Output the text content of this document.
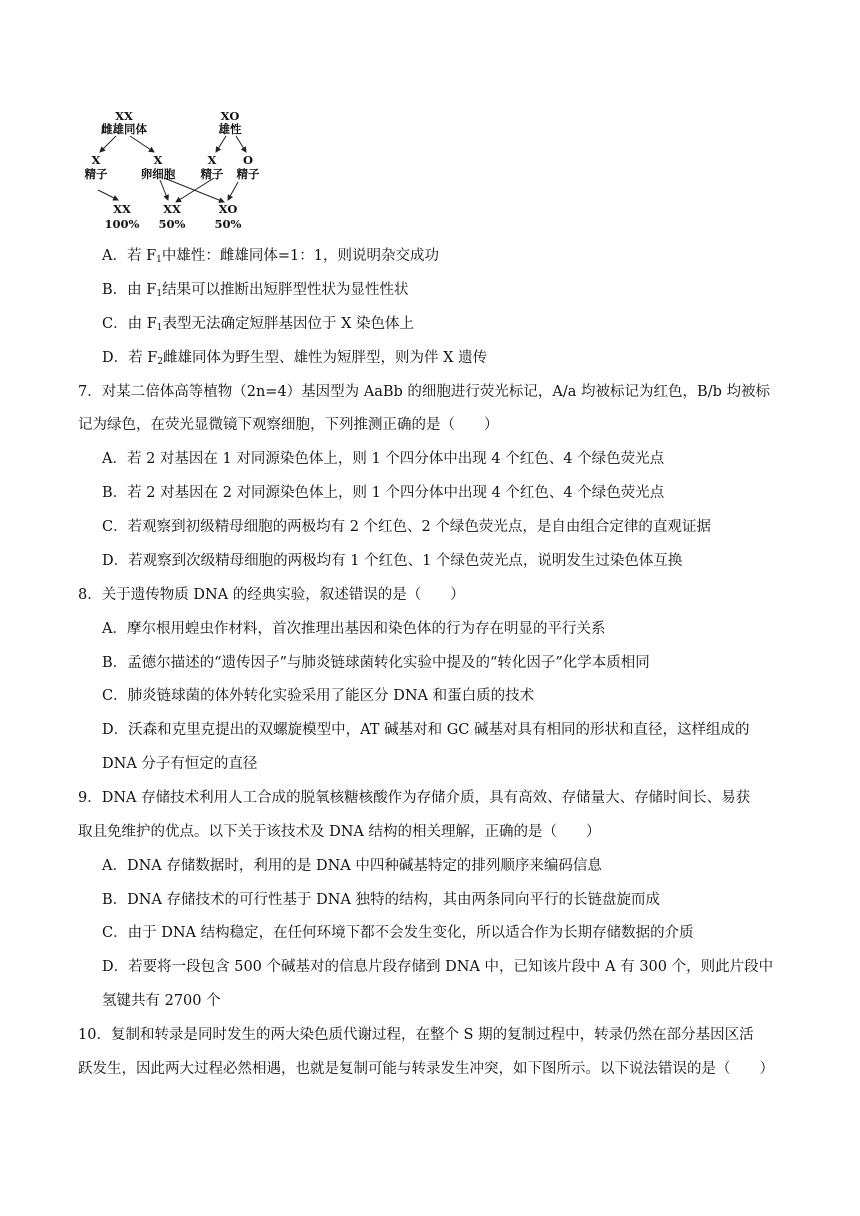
XX
雌雄同体
XO
雄性
X
精子
X
卵细胞
X
精子
O
精子
XX
100%
XX
50%
XO
50%
A．若 $F_1$中雄性：雌雄同体=1：1，则说明杂交成功
B．由 $F_1$结果可以推断出短胖型性状为显性性状
C．由 $F_1$表型无法确定短胖基因位于 X 染色体上
D．若 $F_2$雌雄同体为野生型、雄性为短胖型，则为伴 X 遗传
7．对某二倍体高等植物（2n=4）基因型为 AaBb 的细胞进行荧光标记，A/a 均被标记为红色，B/b 均被标
记为绿色，在荧光显微镜下观察细胞，下列推测正确的是（　　）
A．若 2 对基因在 1 对同源染色体上，则 1 个四分体中出现 4 个红色、4 个绿色荧光点
B．若 2 对基因在 2 对同源染色体上，则 1 个四分体中出现 4 个红色、4 个绿色荧光点
C．若观察到初级精母细胞的两极均有 2 个红色、2 个绿色荧光点，是自由组合定律的直观证据
D．若观察到次级精母细胞的两极均有 1 个红色、1 个绿色荧光点，说明发生过染色体互换
8．关于遗传物质 DNA 的经典实验，叙述错误的是（　　）
A．摩尔根用蝗虫作材料，首次推理出基因和染色体的行为存在明显的平行关系
B．孟德尔描述的“遗传因子”与肺炎链球菌转化实验中提及的“转化因子”化学本质相同
C．肺炎链球菌的体外转化实验采用了能区分 DNA 和蛋白质的技术
D．沃森和克里克提出的双螺旋模型中，AT 碱基对和 GC 碱基对具有相同的形状和直径，这样组成的
DNA 分子有恒定的直径
9．DNA 存储技术利用人工合成的脱氧核糖核酸作为存储介质，具有高效、存储量大、存储时间长、易获
取且免维护的优点。以下关于该技术及 DNA 结构的相关理解，正确的是（　　）
A．DNA 存储数据时，利用的是 DNA 中四种碱基特定的排列顺序来编码信息
B．DNA 存储技术的可行性基于 DNA 独特的结构，其由两条同向平行的长链盘旋而成
C．由于 DNA 结构稳定，在任何环境下都不会发生变化，所以适合作为长期存储数据的介质
D．若要将一段包含 500 个碱基对的信息片段存储到 DNA 中，已知该片段中 A 有 300 个，则此片段中
氢键共有 2700 个
10．复制和转录是同时发生的两大染色质代谢过程，在整个 S 期的复制过程中，转录仍然在部分基因区活
跃发生，因此两大过程必然相遇，也就是复制可能与转录发生冲突，如下图所示。以下说法错误的是（　　）
